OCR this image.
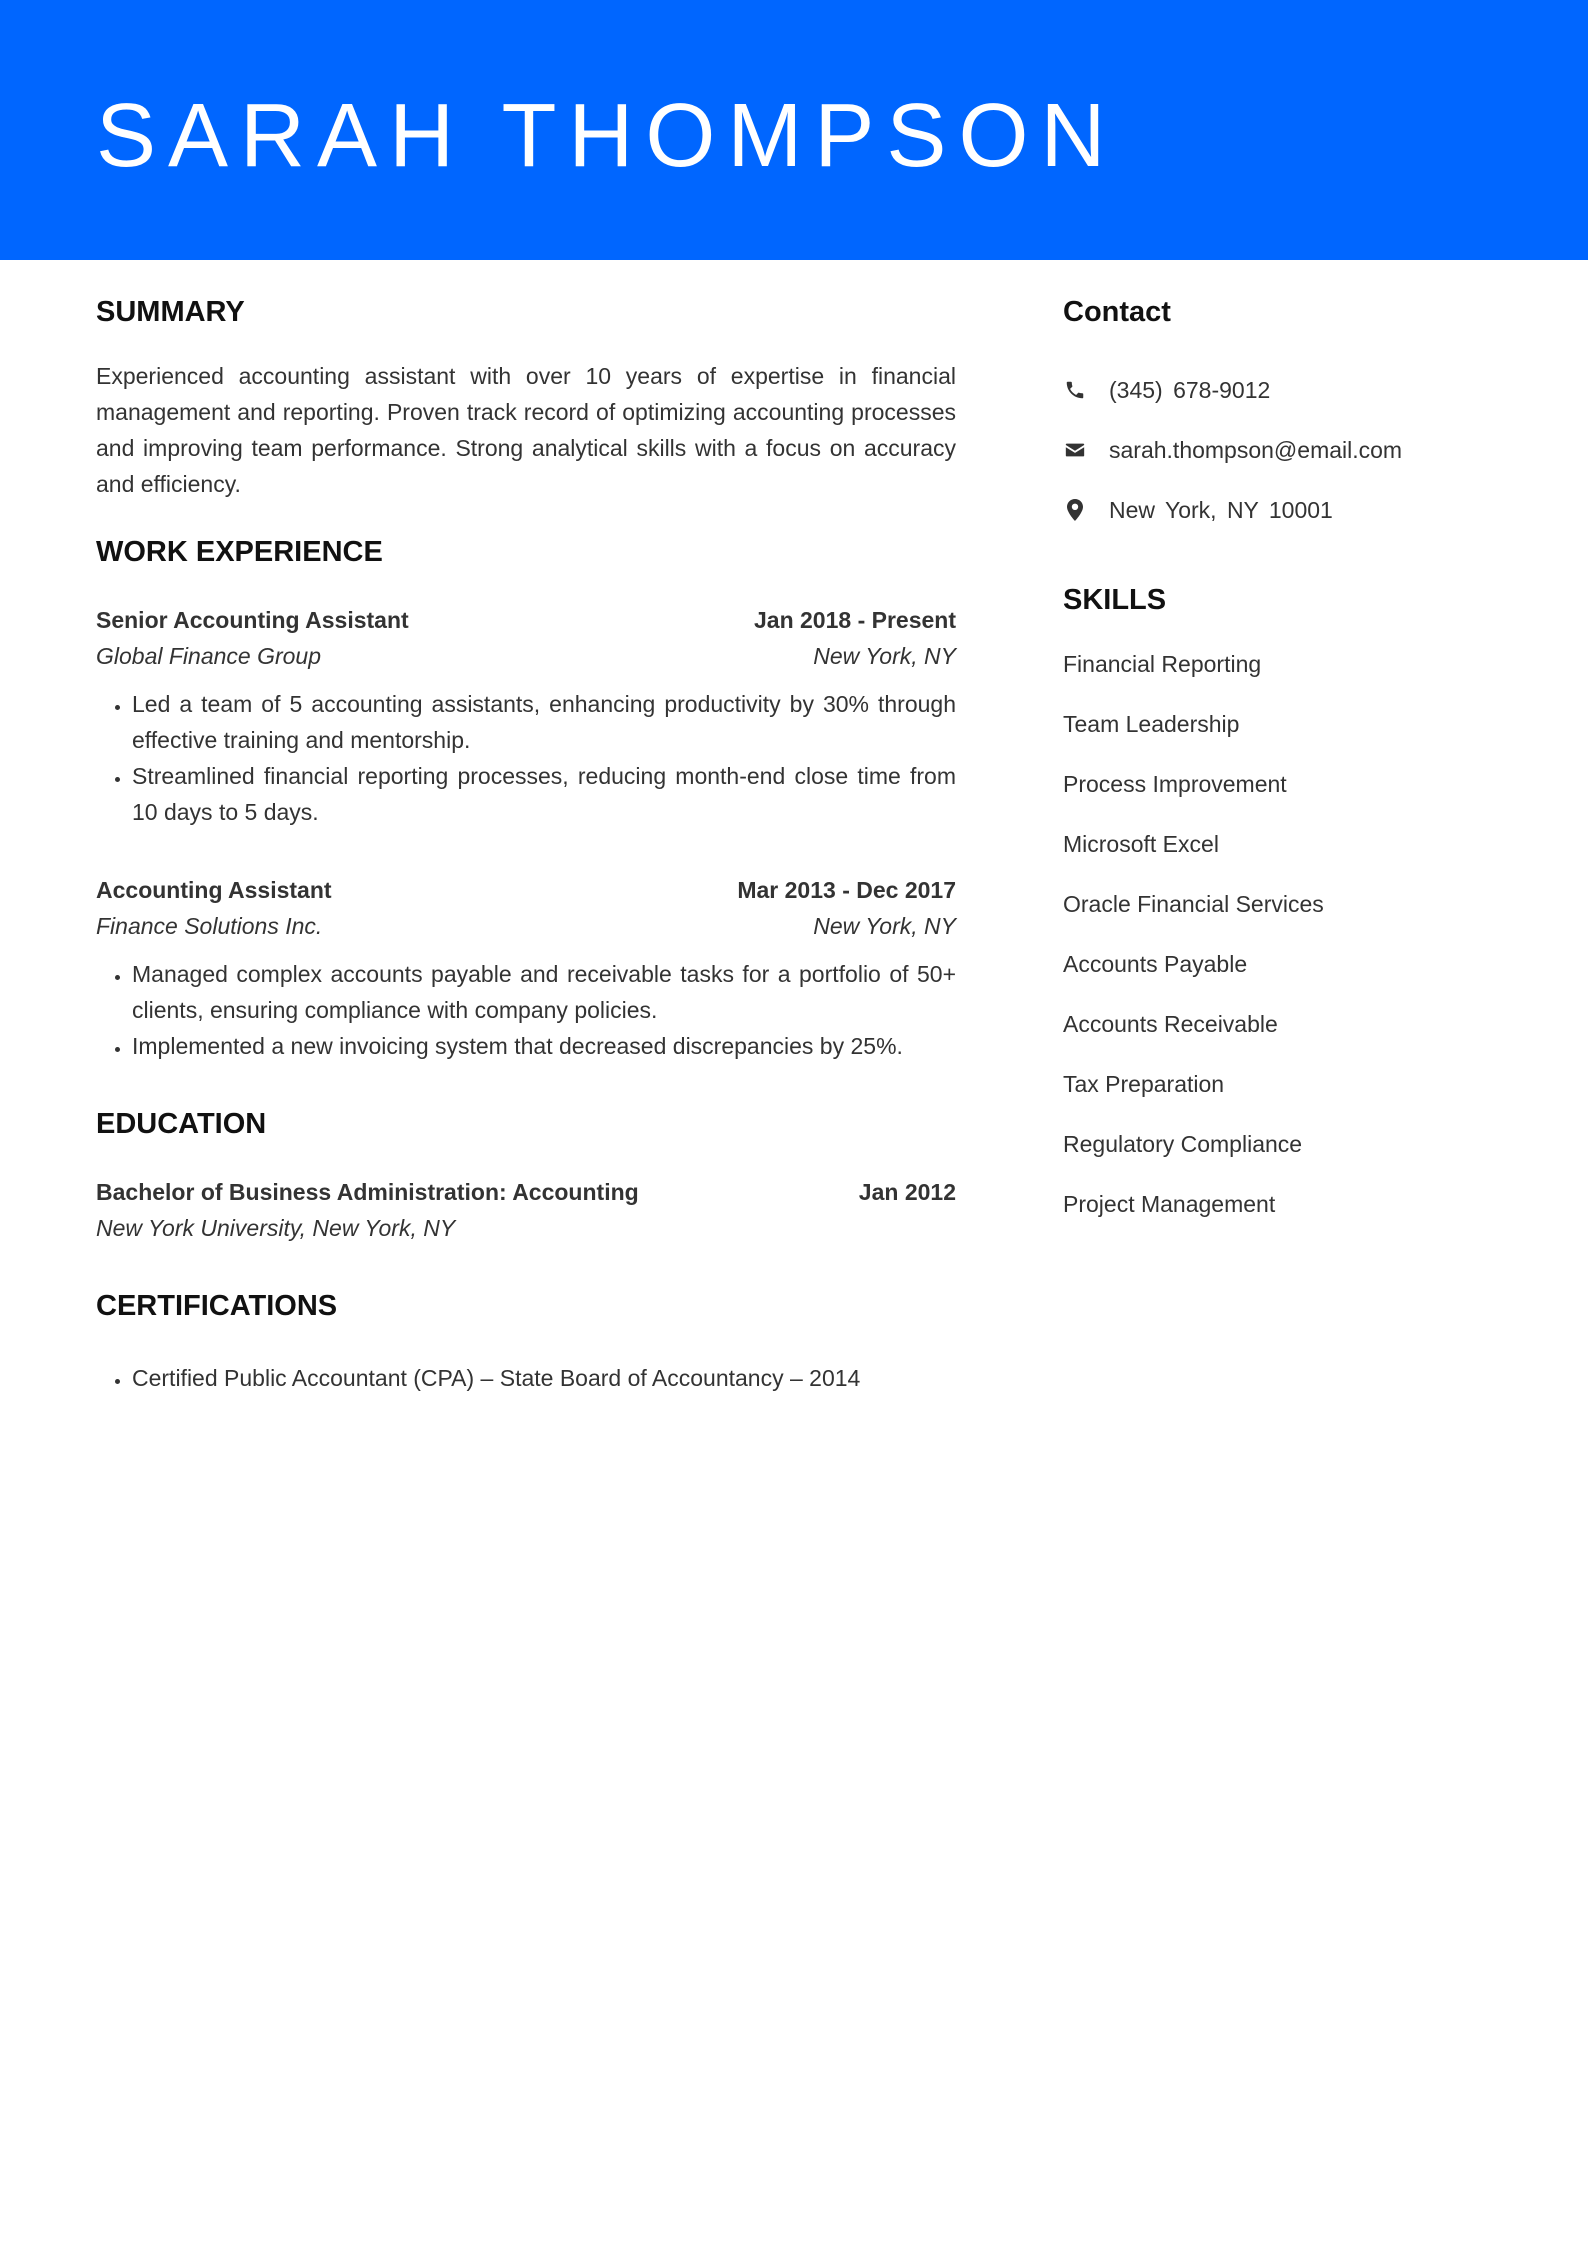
SARAH THOMPSON
SUMMARY

Experienced accounting assistant with over 10 years of expertise in financial management and reporting. Proven track record of optimizing accounting processes and improving team performance. Strong analytical skills with a focus on accuracy and efficiency.

WORK EXPERIENCE
Senior Accounting Assistant	Jan 2018 - Present
Global Finance Group	New York, NY
• Led a team of 5 accounting assistants, enhancing productivity by 30% through effective training and mentorship.
• Streamlined financial reporting processes, reducing month-end close time from 10 days to 5 days.
Accounting Assistant	Mar 2013 - Dec 2017
Finance Solutions Inc.	New York, NY
• Managed complex accounts payable and receivable tasks for a portfolio of 50+ clients, ensuring compliance with company policies.
• Implemented a new invoicing system that decreased discrepancies by 25%.
EDUCATION
Bachelor of Business Administration: Accounting	Jan 2012
New York University, New York, NY
CERTIFICATIONS
• Certified Public Accountant (CPA) – State Board of Accountancy – 2014
Contact
(345) 678-9012
sarah.thompson@email.com
New York, NY 10001
SKILLS
Financial Reporting
Team Leadership
Process Improvement
Microsoft Excel
Oracle Financial Services
Accounts Payable
Accounts Receivable
Tax Preparation
Regulatory Compliance
Project Management
